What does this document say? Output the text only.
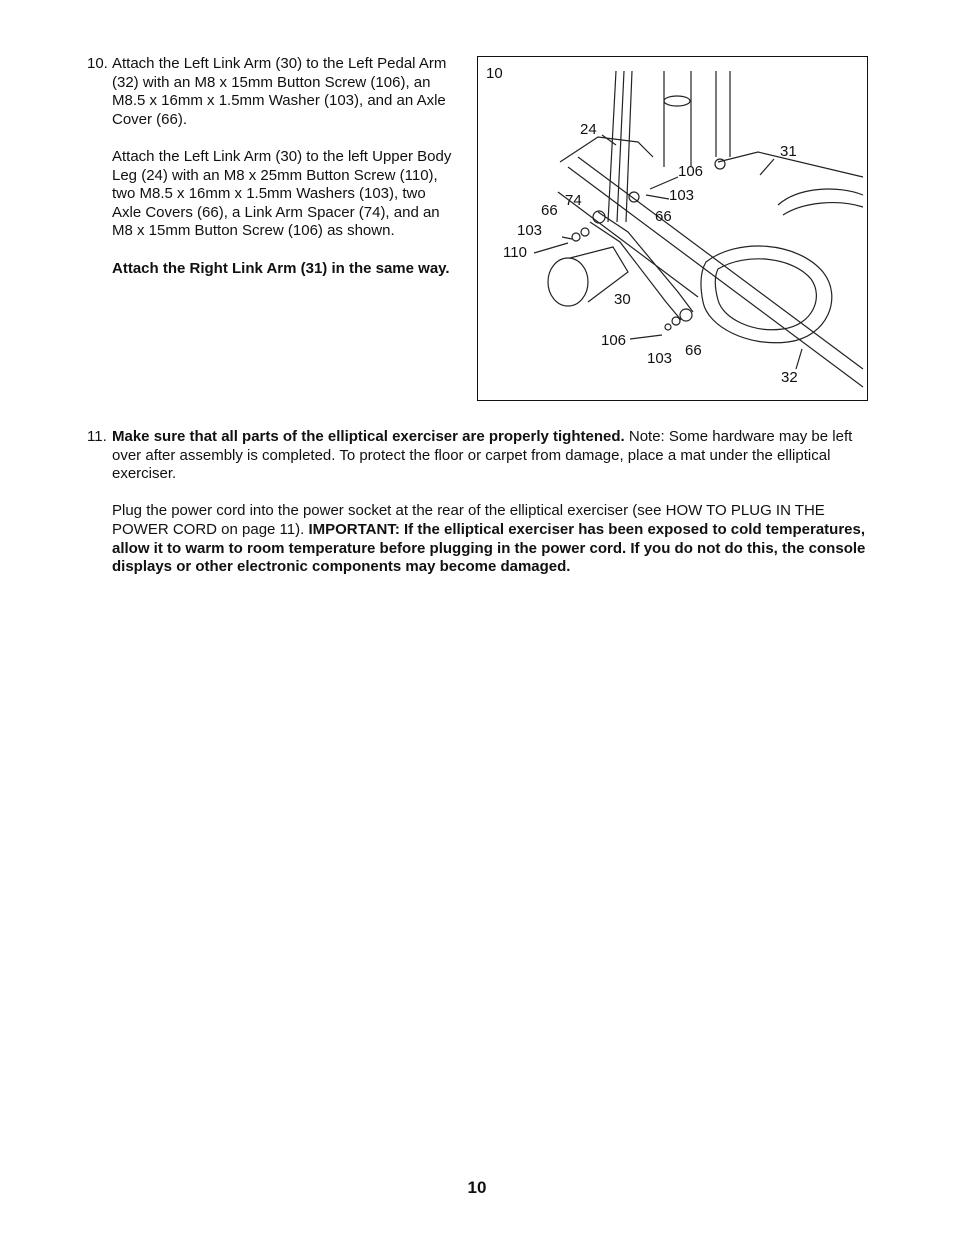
10. Attach the Left Link Arm (30) to the Left Pedal Arm (32) with an M8 x 15mm Button Screw (106), an M8.5 x 16mm x 1.5mm Washer (103), and an Axle Cover (66).

Attach the Left Link Arm (30) to the left Upper Body Leg (24) with an M8 x 25mm Button Screw (110), two M8.5 x 16mm x 1.5mm Washers (103), two Axle Covers (66), a Link Arm Spacer (74), and an M8 x 15mm Button Screw (106) as shown.

Attach the Right Link Arm (31) in the same way.

10
24
31
106
103
66
74
66
103
110
30
106
103 66
32
11. Make sure that all parts of the elliptical exerciser are properly tightened. Note: Some hardware may be left over after assembly is completed. To protect the floor or carpet from damage, place a mat under the elliptical exerciser.

Plug the power cord into the power socket at the rear of the elliptical exerciser (see HOW TO PLUG IN THE POWER CORD on page 11). IMPORTANT: If the elliptical exerciser has been exposed to cold temperatures, allow it to warm to room temperature before plugging in the power cord. If you do not do this, the console displays or other electronic components may become damaged.

10
